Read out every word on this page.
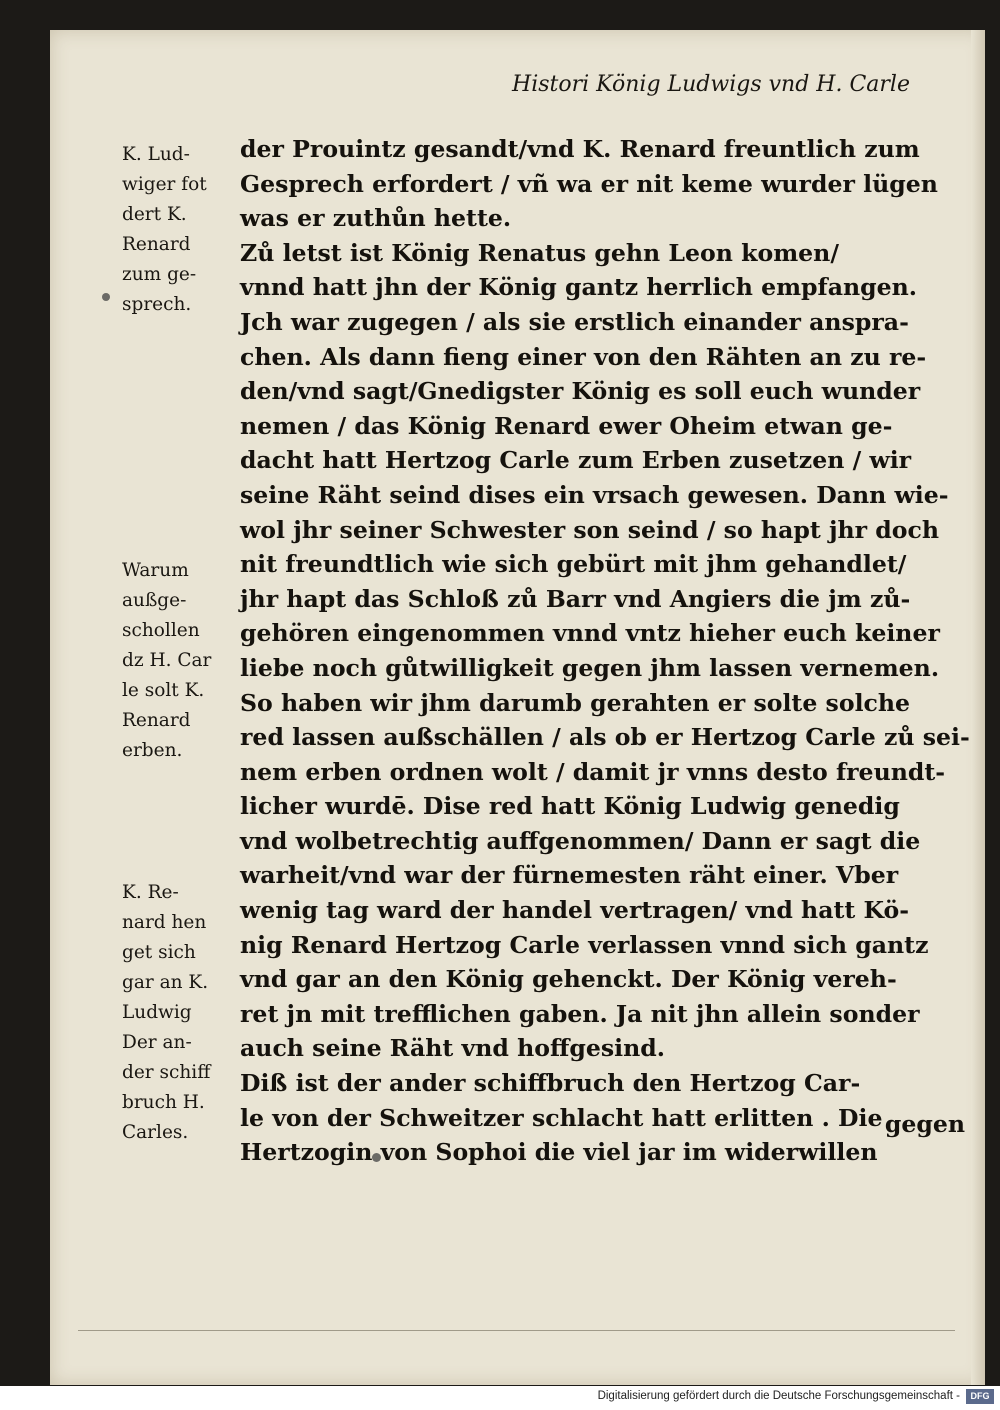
Histori König Ludwigs vnd H. Carle
K. Lud-
wiger fot
dert K.
Renard
zum ge-
sprech.
Warum
außge-
schollen
dz H. Car
le solt K.
Renard
erben.
K. Re-
nard hen
get sich
gar an K.
Ludwig
Der an-
der schiff
bruch H.
Carles.
der Prouintz gesandt/vnd K. Renard freuntlich zum
Gesprech erfordert / vñ wa er nit keme wurder lügen
was er zuthůn hette.
Zů letst ist König Renatus gehn Leon komen/
vnnd hatt jhn der König gantz herrlich empfangen.
Jch war zugegen / als sie erstlich einander anspra-
chen. Als dann fieng einer von den Rähten an zu re-
den/vnd sagt/Gnedigster König es soll euch wunder
nemen / das König Renard ewer Oheim etwan ge-
dacht hatt Hertzog Carle zum Erben zusetzen / wir
seine Räht seind dises ein vrsach gewesen. Dann wie-
wol jhr seiner Schwester son seind / so hapt jhr doch
nit freundtlich wie sich gebürt mit jhm gehandlet/
jhr hapt das Schloß zů Barr vnd Angiers die jm zů-
gehören eingenommen vnnd vntz hieher euch keiner
liebe noch gůtwilligkeit gegen jhm lassen vernemen.
So haben wir jhm darumb gerahten er solte solche
red lassen außschällen / als ob er Hertzog Carle zů sei-
nem erben ordnen wolt / damit jr vnns desto freundt-
licher wurdē. Dise red hatt König Ludwig genedig
vnd wolbetrechtig auffgenommen/ Dann er sagt die
warheit/vnd war der fürnemesten räht einer. Vber
wenig tag ward der handel vertragen/ vnd hatt Kö-
nig Renard Hertzog Carle verlassen vnnd sich gantz
vnd gar an den König gehenckt. Der König vereh-
ret jn mit trefflichen gaben. Ja nit jhn allein sonder
auch seine Räht vnd hoffgesind.
Diß ist der ander schiffbruch den Hertzog Car-
le von der Schweitzer schlacht hatt erlitten . Die
Hertzogin von Sophoi die viel jar im widerwillen
gegen
Digitalisierung gefördert durch die Deutsche Forschungsgemeinschaft -	DFG
